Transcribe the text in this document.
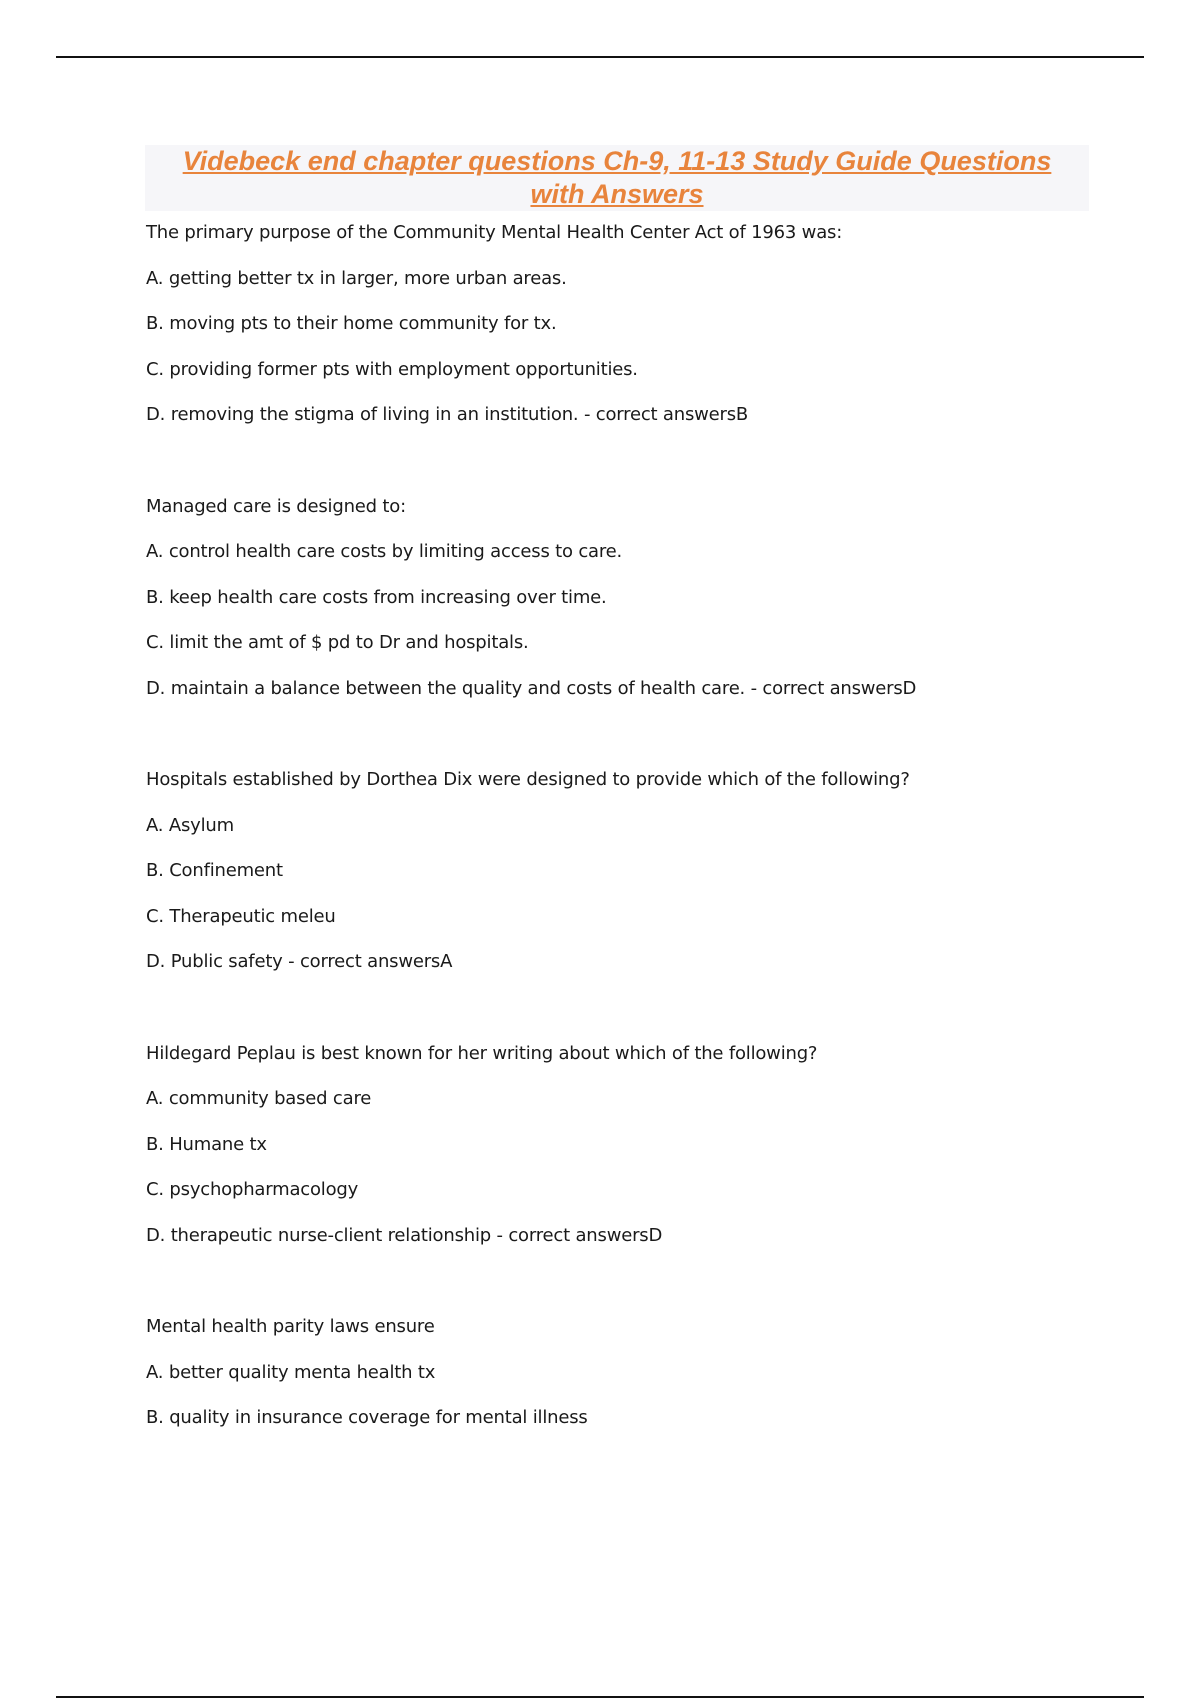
Videbeck end chapter questions Ch-9, 11-13 Study Guide Questions
with Answers
The primary purpose of the Community Mental Health Center Act of 1963 was:
A. getting better tx in larger, more urban areas.
B. moving pts to their home community for tx.
C. providing former pts with employment opportunities.
D. removing the stigma of living in an institution. - correct answersB
Managed care is designed to:
A. control health care costs by limiting access to care.
B. keep health care costs from increasing over time.
C. limit the amt of $ pd to Dr and hospitals.
D. maintain a balance between the quality and costs of health care. - correct answersD
Hospitals established by Dorthea Dix were designed to provide which of the following?
A. Asylum
B. Confinement
C. Therapeutic meleu
D. Public safety - correct answersA
Hildegard Peplau is best known for her writing about which of the following?
A. community based care
B. Humane tx
C. psychopharmacology
D. therapeutic nurse-client relationship - correct answersD
Mental health parity laws ensure
A. better quality menta health tx
B. quality in insurance coverage for mental illness
